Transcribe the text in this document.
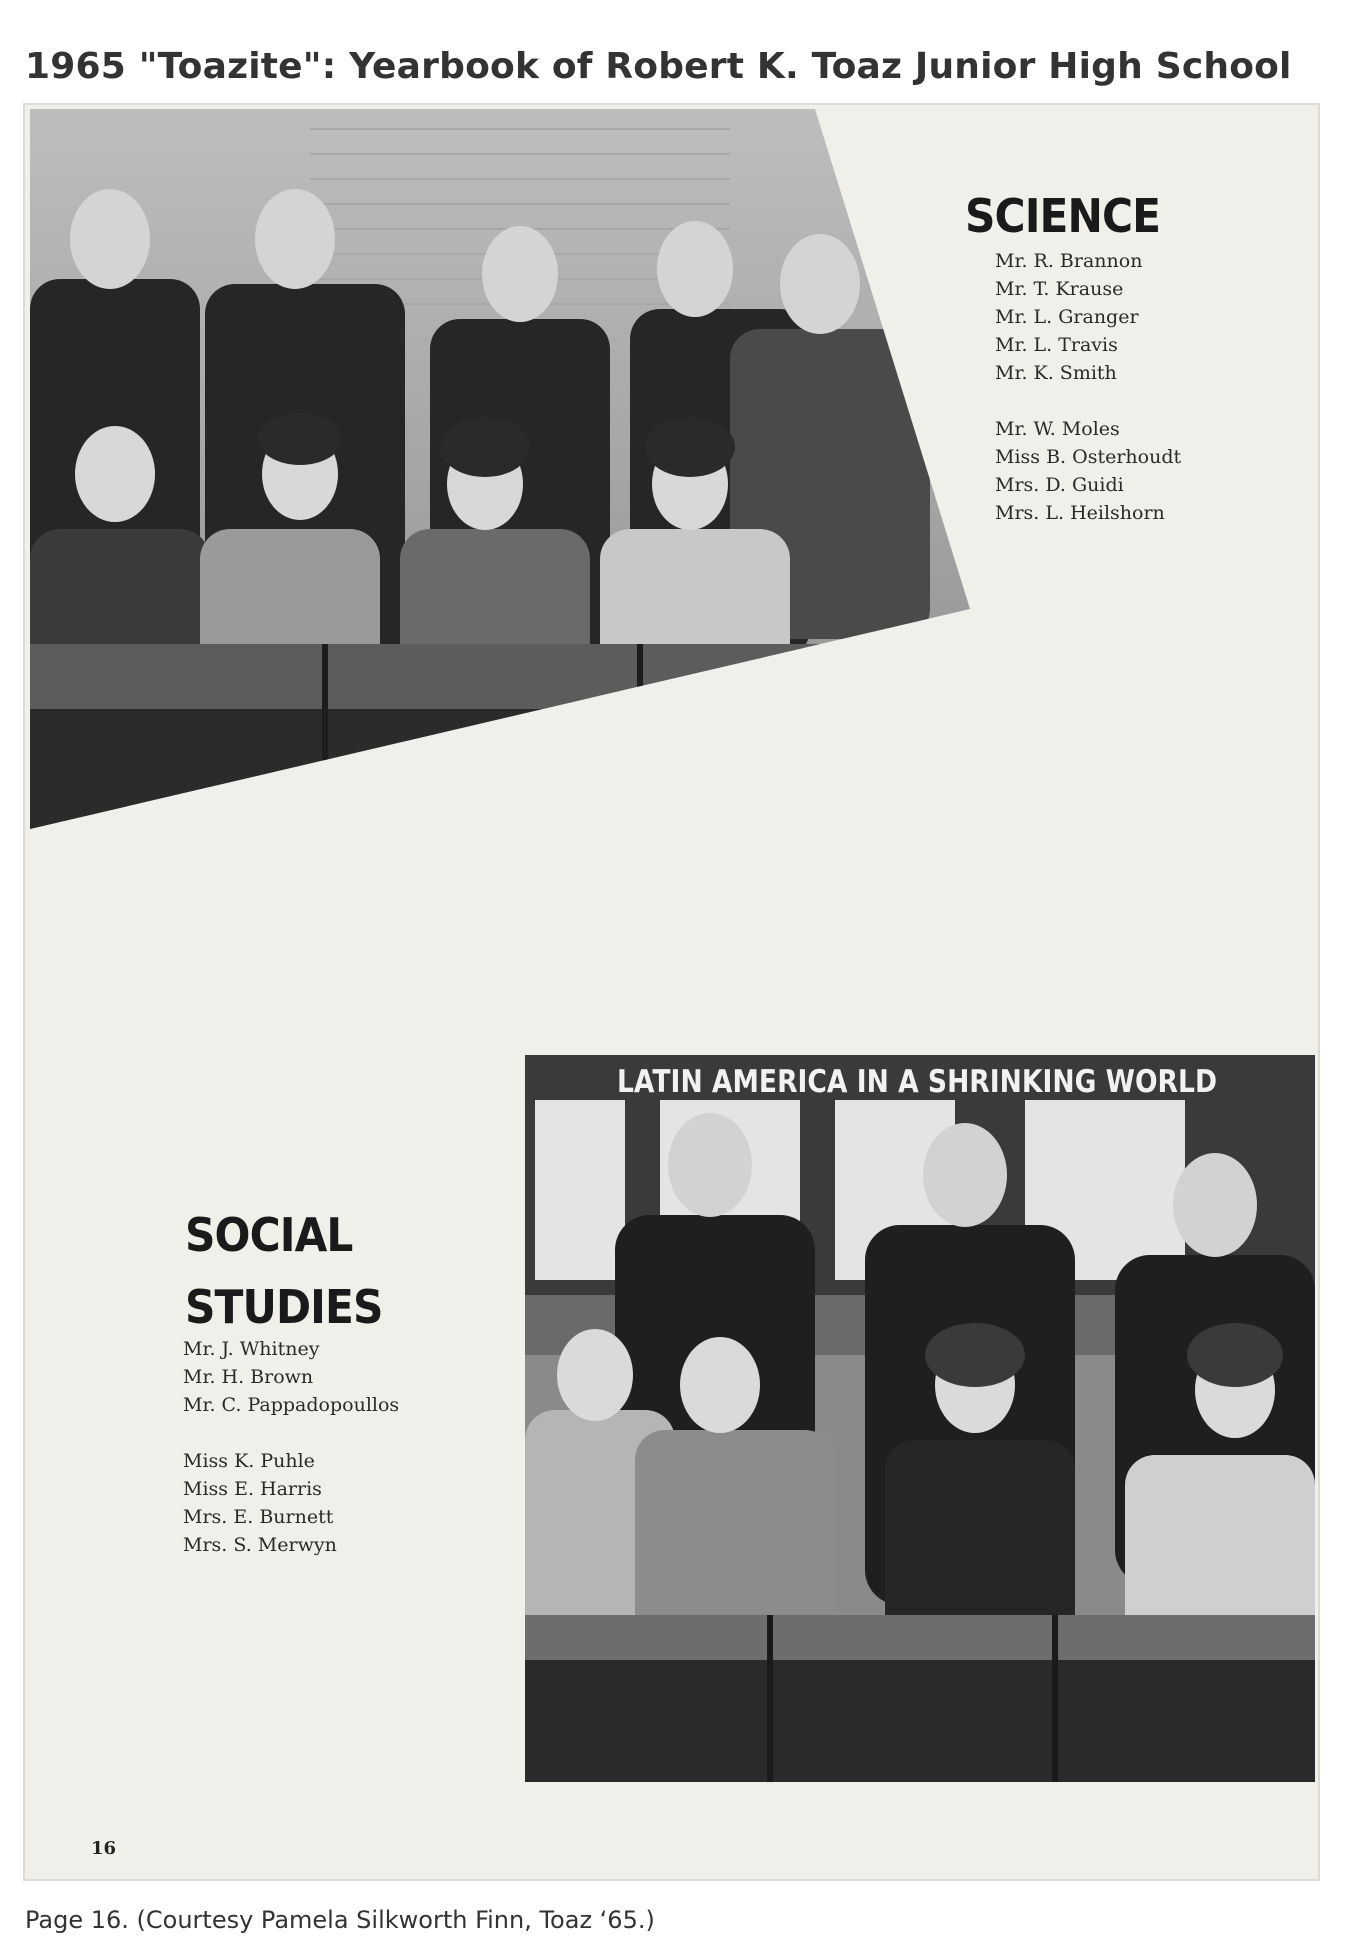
1965 "Toazite": Yearbook of Robert K. Toaz Junior High School
SCIENCE
Mr. R. Brannon
Mr. T. Krause
Mr. L. Granger
Mr. L. Travis
Mr. K. Smith
Mr. W. Moles
Miss B. Osterhoudt
Mrs. D. Guidi
Mrs. L. Heilshorn
SOCIAL
STUDIES
Mr. J. Whitney
Mr. H. Brown
Mr. C. Pappadopoullos
Miss K. Puhle
Miss E. Harris
Mrs. E. Burnett
Mrs. S. Merwyn
LATIN AMERICA IN A SHRINKING WORLD
16
Page 16. (Courtesy Pamela Silkworth Finn, Toaz ‘65.)
